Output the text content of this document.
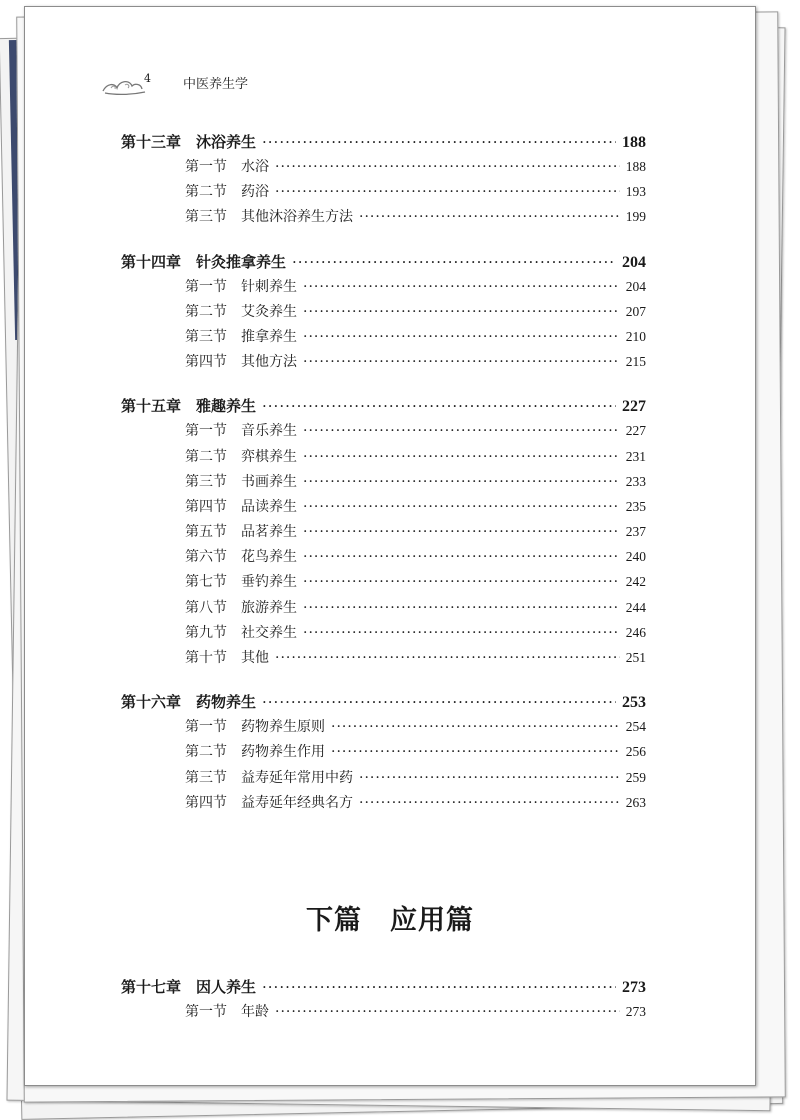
4 中医养生学
第十三章　沐浴养生 ·····	188
第一节　水浴 ·····	188
第二节　药浴 ·····	193
第三节　其他沐浴养生方法 ·····	199
第十四章　针灸推拿养生 ·····	204
第一节　针刺养生 ·····	204
第二节　艾灸养生 ·····	207
第三节　推拿养生 ·····	210
第四节　其他方法 ·····	215
第十五章　雅趣养生 ·····	227
第一节　音乐养生 ·····	227
第二节　弈棋养生 ·····	231
第三节　书画养生 ·····	233
第四节　品读养生 ·····	235
第五节　品茗养生 ·····	237
第六节　花鸟养生 ·····	240
第七节　垂钓养生 ·····	242
第八节　旅游养生 ·····	244
第九节　社交养生 ·····	246
第十节　其他 ·····	251
第十六章　药物养生 ·····	253
第一节　药物养生原则 ·····	254
第二节　药物养生作用 ·····	256
第三节　益寿延年常用中药 ·····	259
第四节　益寿延年经典名方 ·····	263
下篇　应用篇
第十七章　因人养生 ·····	273
第一节　年龄 ·····	273
